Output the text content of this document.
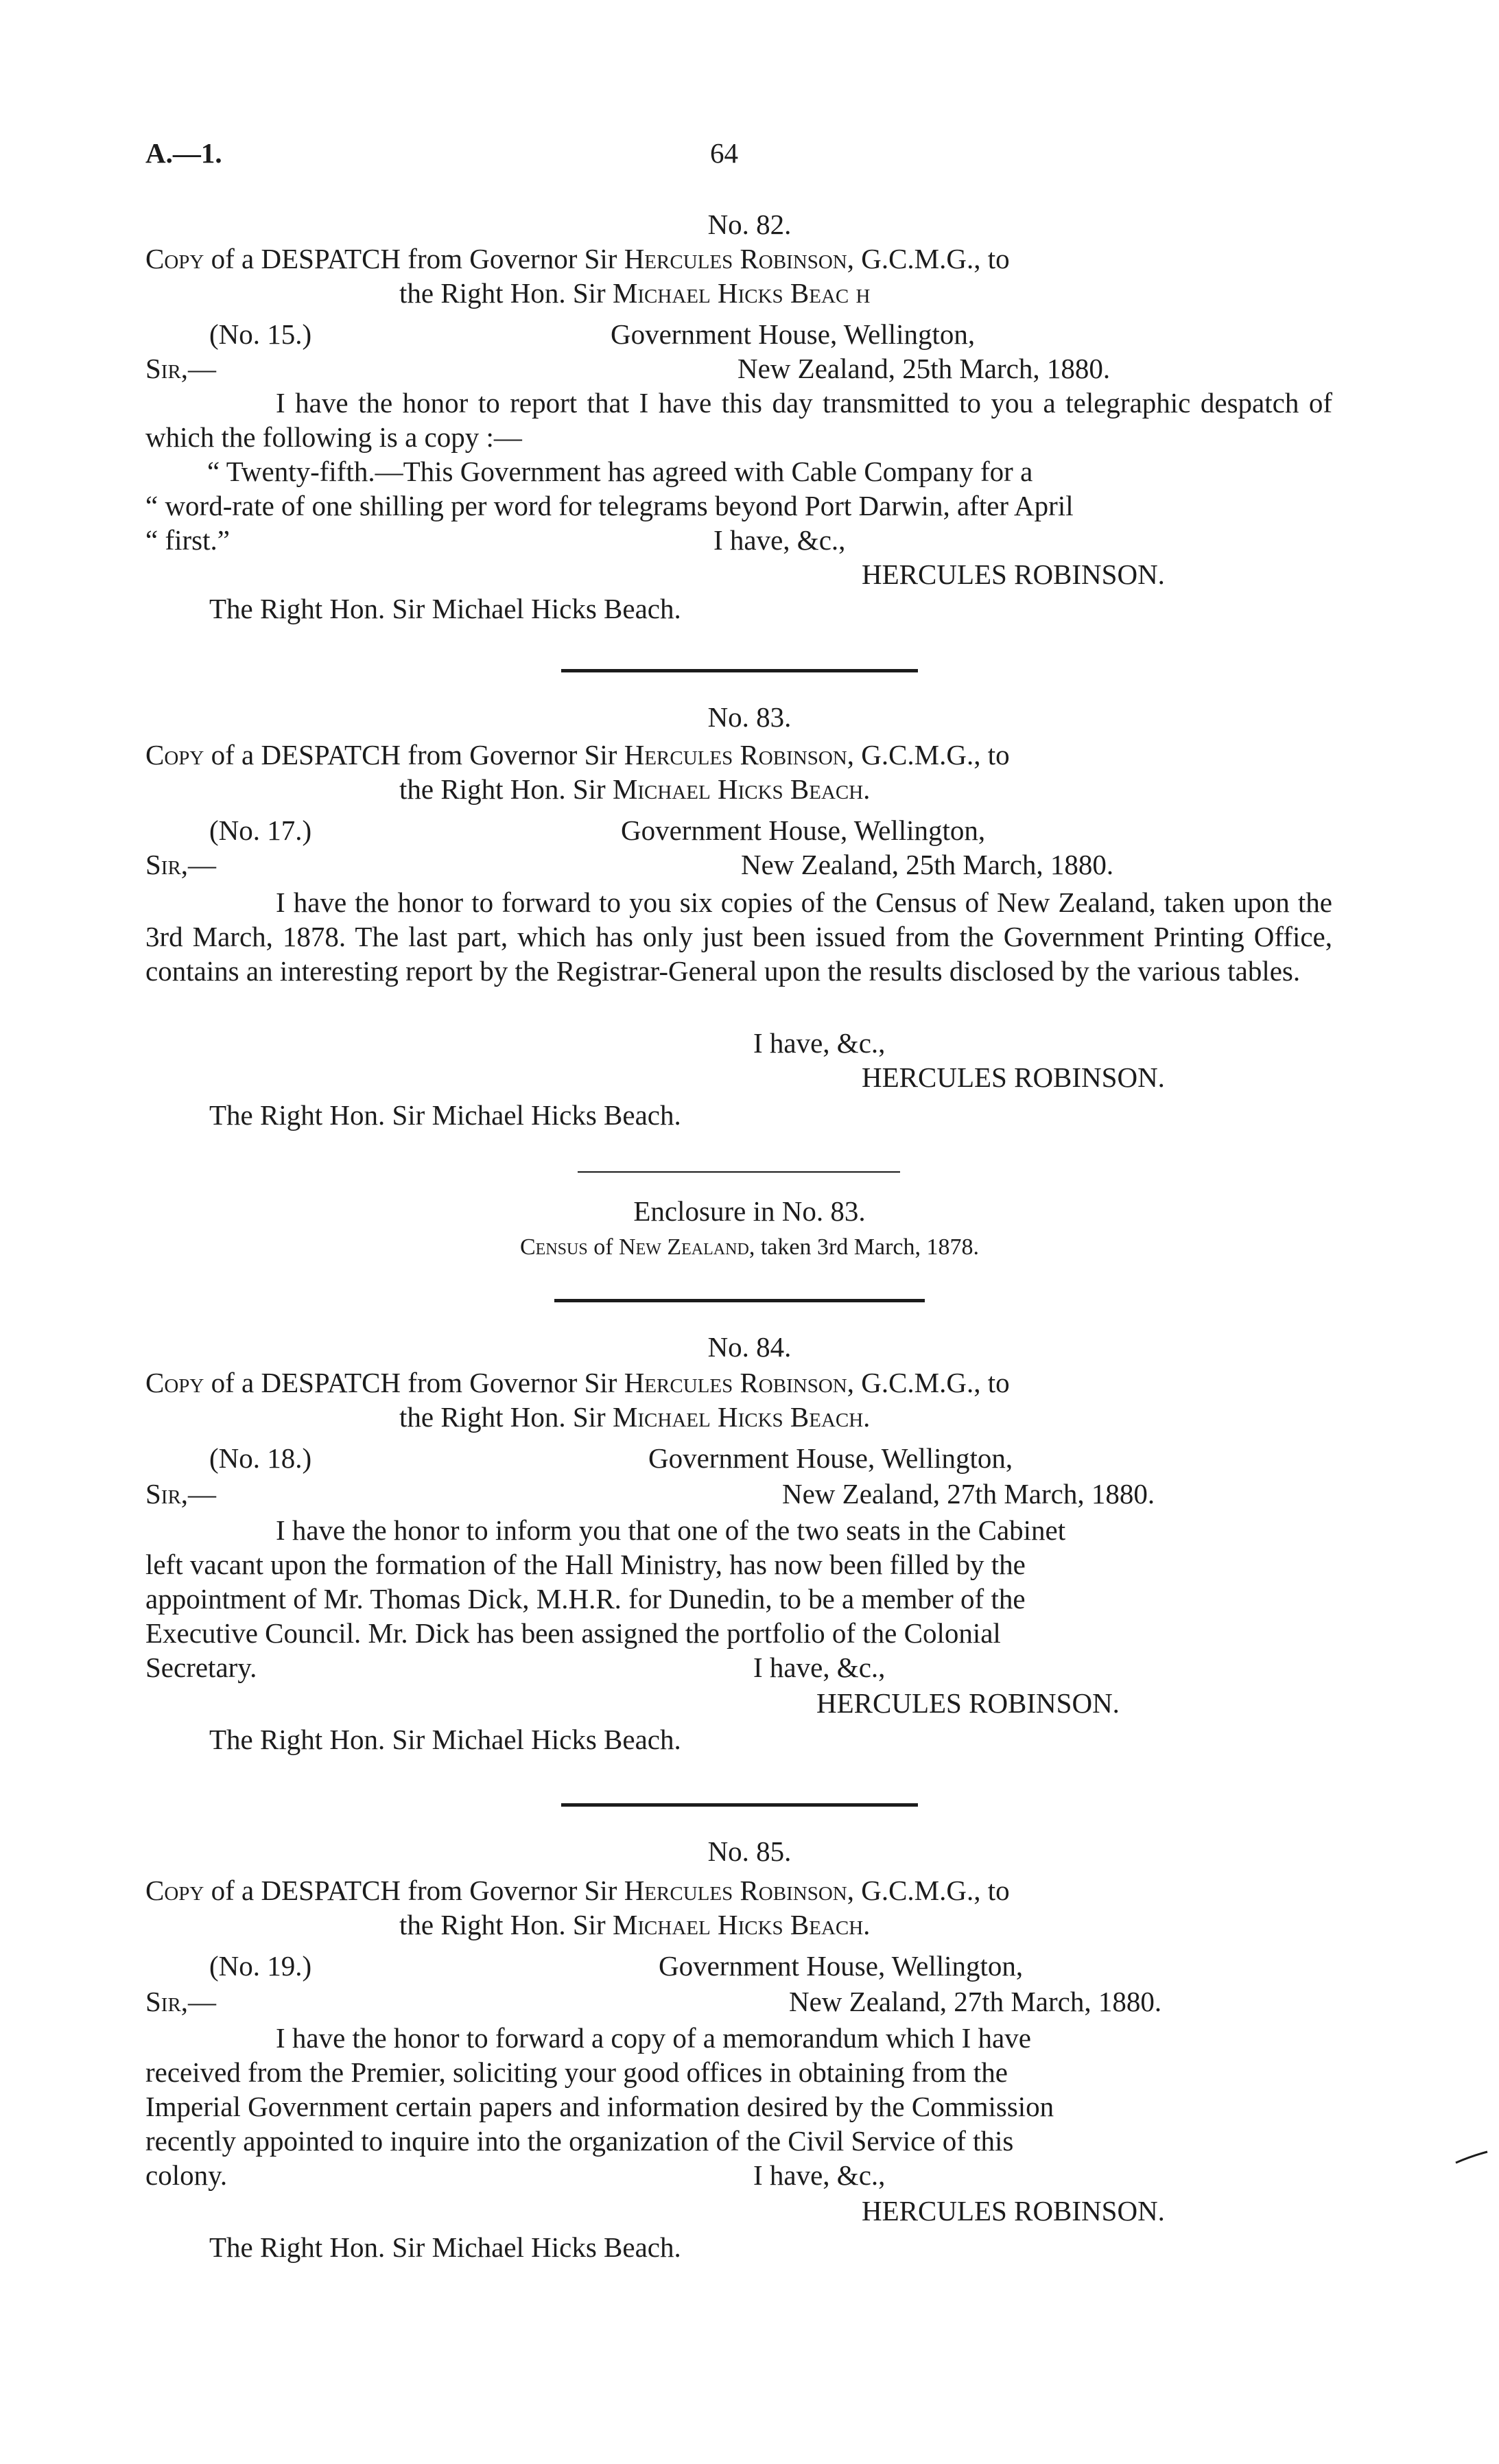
A.—1.	64
No. 82.
Copy of a DESPATCH from Governor Sir Hercules Robinson, G.C.M.G., to
the Right Hon. Sir Michael Hicks Beac h
(No. 15.)	Government House, Wellington,
Sir,—	New Zealand, 25th March, 1880.
I have the honor to report that I have this day transmitted to you a telegraphic despatch of which the following is a copy :—
“ Twenty-fifth.—This Government has agreed with Cable Company for a
“ word-rate of one shilling per word for telegrams beyond Port Darwin, after April
“ first.”	I have, &c.,
HERCULES ROBINSON.
The Right Hon. Sir Michael Hicks Beach.
No. 83.
Copy of a DESPATCH from Governor Sir Hercules Robinson, G.C.M.G., to
the Right Hon. Sir Michael Hicks Beach.
(No. 17.)	Government House, Wellington,
Sir,—	New Zealand, 25th March, 1880.
I have the honor to forward to you six copies of the Census of New Zealand, taken upon the 3rd March, 1878. The last part, which has only just been issued from the Government Printing Office, contains an interesting report by the Registrar-General upon the results disclosed by the various tables.
I have, &c.,
HERCULES ROBINSON.
The Right Hon. Sir Michael Hicks Beach.
Enclosure in No. 83.
Census of New Zealand, taken 3rd March, 1878.
No. 84.
Copy of a DESPATCH from Governor Sir Hercules Robinson, G.C.M.G., to
the Right Hon. Sir Michael Hicks Beach.
(No. 18.)	Government House, Wellington,
Sir,—	New Zealand, 27th March, 1880.
I have the honor to inform you that one of the two seats in the Cabinet
left vacant upon the formation of the Hall Ministry, has now been filled by the
appointment of Mr. Thomas Dick, M.H.R. for Dunedin, to be a member of the
Executive Council. Mr. Dick has been assigned the portfolio of the Colonial
Secretary.	I have, &c.,
HERCULES ROBINSON.
The Right Hon. Sir Michael Hicks Beach.
No. 85.
Copy of a DESPATCH from Governor Sir Hercules Robinson, G.C.M.G., to
the Right Hon. Sir Michael Hicks Beach.
(No. 19.)	Government House, Wellington,
Sir,—	New Zealand, 27th March, 1880.
I have the honor to forward a copy of a memorandum which I have
received from the Premier, soliciting your good offices in obtaining from the
Imperial Government certain papers and information desired by the Commission
recently appointed to inquire into the organization of the Civil Service of this
colony.	I have, &c.,
HERCULES ROBINSON.
The Right Hon. Sir Michael Hicks Beach.
